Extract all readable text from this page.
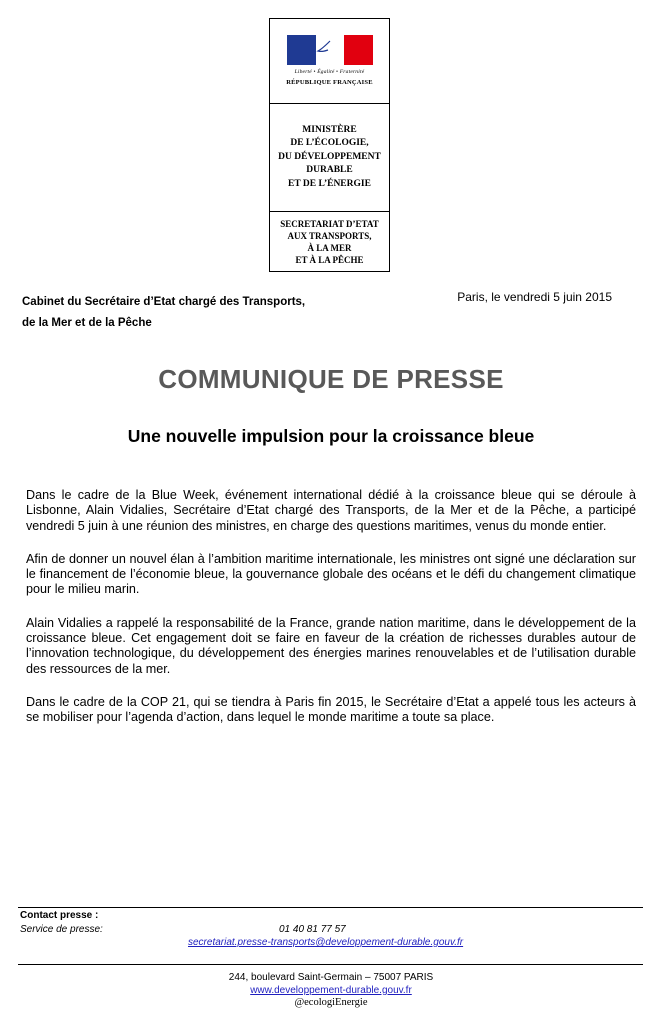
Liberté • Égalité • Fraternité
RÉPUBLIQUE FRANÇAISE
MINISTÈRE
DE L’ÉCOLOGIE,
DU DÉVELOPPEMENT
DURABLE
ET DE L’ÉNERGIE
SECRETARIAT D’ETAT
AUX TRANSPORTS,
À LA MER
ET À LA PÊCHE
Cabinet du Secrétaire d’Etat chargé des Transports,
de la Mer et de la Pêche
Paris, le vendredi 5 juin 2015
COMMUNIQUE DE PRESSE
Une nouvelle impulsion pour la croissance bleue

Dans le cadre de la Blue Week, événement international dédié à la croissance bleue qui se déroule à Lisbonne, Alain Vidalies, Secrétaire d’Etat chargé des Transports, de la Mer et de la Pêche, a participé vendredi 5 juin à une réunion des ministres, en charge des questions maritimes, venus du monde entier.

Afin de donner un nouvel élan à l’ambition maritime internationale, les ministres ont signé une déclaration sur le financement de l’économie bleue, la gouvernance globale des océans et le défi du changement climatique pour le milieu marin.

Alain Vidalies a rappelé la responsabilité de la France, grande nation maritime, dans le développement de la croissance bleue. Cet engagement doit se faire en faveur de la création de richesses durables autour de l’innovation technologique, du développement des énergies marines renouvelables et de l’utilisation durable des ressources de la mer.

Dans le cadre de la COP 21, qui se tiendra à Paris fin 2015, le Secrétaire d’Etat a appelé tous les acteurs à se mobiliser pour l’agenda d’action, dans lequel le monde maritime a toute sa place.

Contact presse :
Service de presse:	01 40 81 77 57
secretariat.presse-transports@developpement-durable.gouv.fr
244, boulevard Saint-Germain – 75007 PARIS
www.developpement-durable.gouv.fr
@ecologiEnergie
